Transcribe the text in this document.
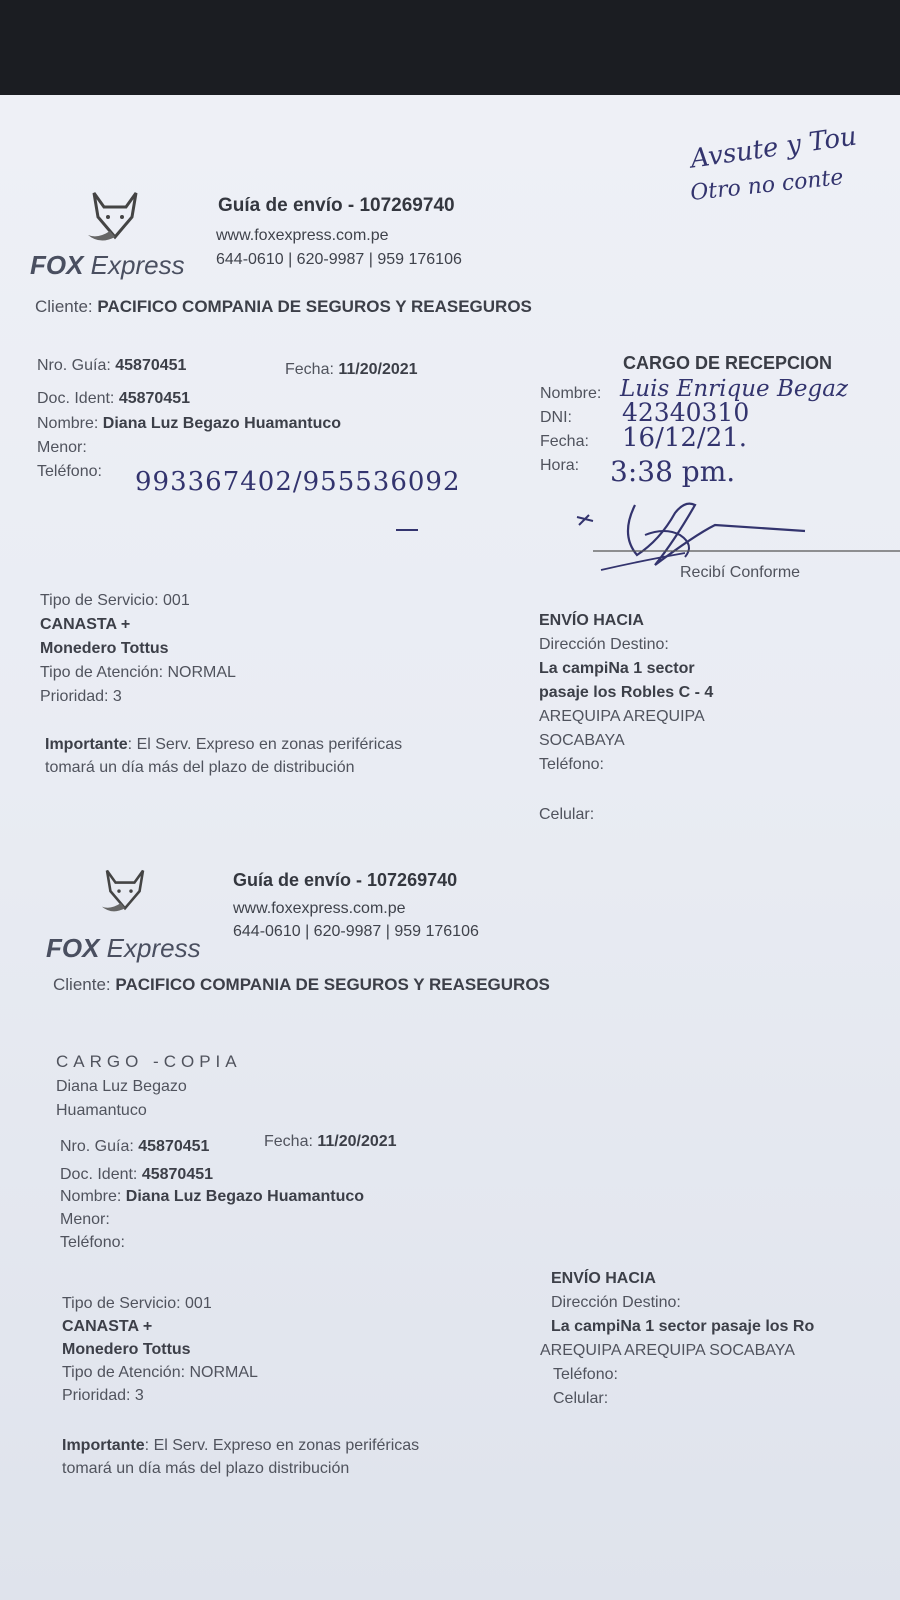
Avsute y Tou
Otro no conte
FOX Express
Guía de envío - 107269740
www.foxexpress.com.pe
644-0610 | 620-9987 | 959 176106
Cliente: PACIFICO COMPANIA DE SEGUROS Y REASEGUROS
Nro. Guía: 45870451	Fecha: 11/20/2021
Doc. Ident: 45870451
Nombre: Diana Luz Begazo Huamantuco
Menor:
Teléfono: 993367402/955536092
CARGO DE RECEPCION
Nombre: Luis Enrique Begaz
DNI: 42340310
Fecha: 16/12/21.
Hora: 3:38 pm.
Recibí Conforme
Tipo de Servicio: 001
CANASTA +
Monedero Tottus
Tipo de Atención: NORMAL
Prioridad: 3
Importante: El Serv. Expreso en zonas periféricas
tomará un día más del plazo de distribución
ENVÍO HACIA
Dirección Destino:
La campiNa 1 sector
pasaje los Robles C - 4
AREQUIPA AREQUIPA
SOCABAYA
Teléfono:
Celular:
FOX Express
Guía de envío - 107269740
www.foxexpress.com.pe
644-0610 | 620-9987 | 959 176106
Cliente: PACIFICO COMPANIA DE SEGUROS Y REASEGUROS
CARGO -COPIA
Diana Luz Begazo
Huamantuco
Nro. Guía: 45870451	Fecha: 11/20/2021
Doc. Ident: 45870451
Nombre: Diana Luz Begazo Huamantuco
Menor:
Teléfono:
Tipo de Servicio: 001
CANASTA +
Monedero Tottus
Tipo de Atención: NORMAL
Prioridad: 3
Importante: El Serv. Expreso en zonas periféricas
tomará un día más del plazo distribución
ENVÍO HACIA
Dirección Destino:
La campiNa 1 sector pasaje los Ro
AREQUIPA AREQUIPA SOCABAYA
Teléfono:
Celular:
